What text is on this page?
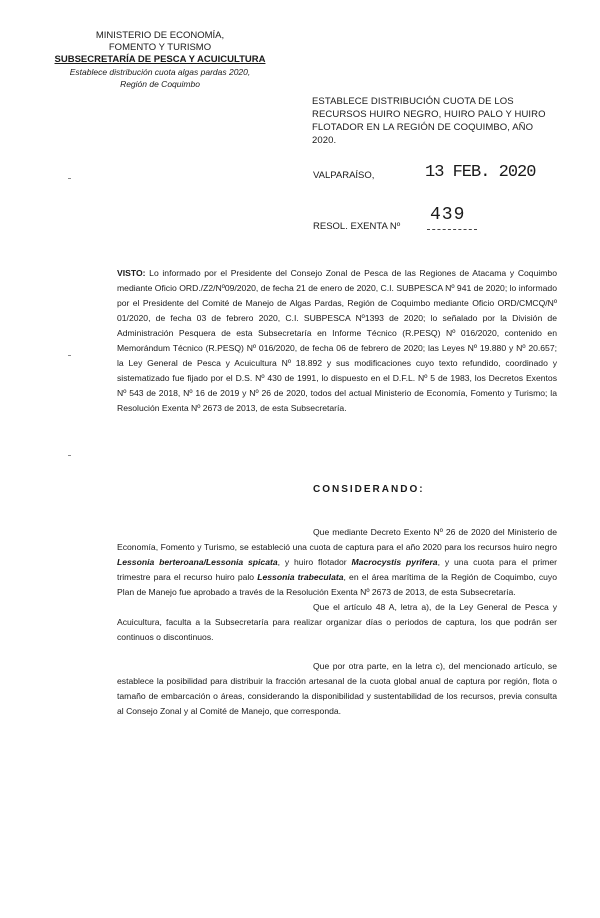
MINISTERIO DE ECONOMÍA,
FOMENTO Y TURISMO
SUBSECRETARÍA DE PESCA Y ACUICULTURA
Establece distribución cuota algas pardas 2020,
Región de Coquimbo
ESTABLECE DISTRIBUCIÓN CUOTA DE LOS RECURSOS HUIRO NEGRO, HUIRO PALO Y HUIRO FLOTADOR EN LA REGIÓN DE COQUIMBO, AÑO 2020.
VALPARAÍSO,	13 FEB. 2020
RESOL. EXENTA Nº
439
VISTO: Lo informado por el Presidente del Consejo Zonal de Pesca de las Regiones de Atacama y Coquimbo mediante Oficio ORD./Z2/Nº09/2020, de fecha 21 de enero de 2020, C.I. SUBPESCA Nº 941 de 2020; lo informado por el Presidente del Comité de Manejo de Algas Pardas, Región de Coquimbo mediante Oficio ORD/CMCQ/Nº 01/2020, de fecha 03 de febrero 2020, C.I. SUBPESCA Nº1393 de 2020; lo señalado por la División de Administración Pesquera de esta Subsecretaría en Informe Técnico (R.PESQ) Nº 016/2020, contenido en Memorándum Técnico (R.PESQ) Nº 016/2020, de fecha 06 de febrero de 2020; las Leyes Nº 19.880 y Nº 20.657; la Ley General de Pesca y Acuicultura Nº 18.892 y sus modificaciones cuyo texto refundido, coordinado y sistematizado fue fijado por el D.S. Nº 430 de 1991, lo dispuesto en el D.F.L. Nº 5 de 1983, los Decretos Exentos Nº 543 de 2018, Nº 16 de 2019 y Nº 26 de 2020, todos del actual Ministerio de Economía, Fomento y Turismo; la Resolución Exenta Nº 2673 de 2013, de esta Subsecretaría.
CONSIDERANDO:
Que mediante Decreto Exento Nº 26 de 2020 del Ministerio de Economía, Fomento y Turismo, se estableció una cuota de captura para el año 2020 para los recursos huiro negro Lessonia berteroana/Lessonia spicata, y huiro flotador Macrocystis pyrifera, y una cuota para el primer trimestre para el recurso huiro palo Lessonia trabeculata, en el área marítima de la Región de Coquimbo, cuyo Plan de Manejo fue aprobado a través de la Resolución Exenta Nº 2673 de 2013, de esta Subsecretaría.
Que el artículo 48 A, letra a), de la Ley General de Pesca y Acuicultura, faculta a la Subsecretaría para realizar organizar días o periodos de captura, los que podrán ser continuos o discontinuos.
Que por otra parte, en la letra c), del mencionado artículo, se establece la posibilidad para distribuir la fracción artesanal de la cuota global anual de captura por región, flota o tamaño de embarcación o áreas, considerando la disponibilidad y sustentabilidad de los recursos, previa consulta al Consejo Zonal y al Comité de Manejo, que corresponda.
